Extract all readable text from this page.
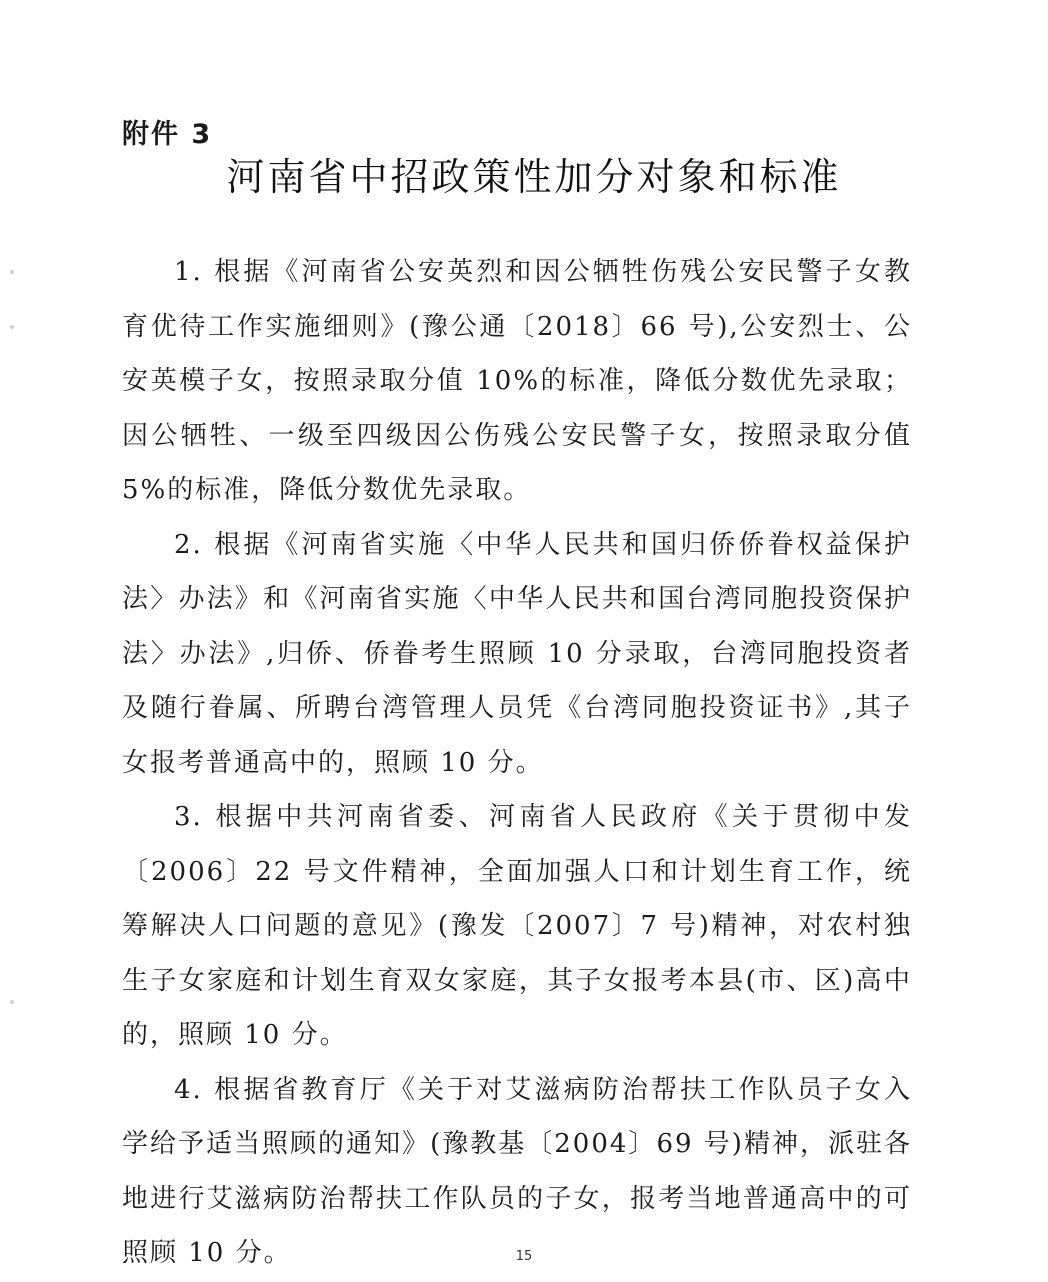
附件 3
河南省中招政策性加分对象和标准

1. 根据《河南省公安英烈和因公牺牲伤残公安民警子女教育优待工作实施细则》(豫公通〔2018〕66 号),公安烈士、公安英模子女，按照录取分值 10%的标准，降低分数优先录取；因公牺牲、一级至四级因公伤残公安民警子女，按照录取分值 5%的标准，降低分数优先录取。

2. 根据《河南省实施〈中华人民共和国归侨侨眷权益保护法〉办法》和《河南省实施〈中华人民共和国台湾同胞投资保护法〉办法》,归侨、侨眷考生照顾 10 分录取，台湾同胞投资者及随行眷属、所聘台湾管理人员凭《台湾同胞投资证书》,其子女报考普通高中的，照顾 10 分。

3. 根据中共河南省委、河南省人民政府《关于贯彻中发〔2006〕22 号文件精神，全面加强人口和计划生育工作，统筹解决人口问题的意见》(豫发〔2007〕7 号)精神，对农村独生子女家庭和计划生育双女家庭，其子女报考本县(市、区)高中的，照顾 10 分。

4. 根据省教育厅《关于对艾滋病防治帮扶工作队员子女入学给予适当照顾的通知》(豫教基〔2004〕69 号)精神，派驻各地进行艾滋病防治帮扶工作队员的子女，报考当地普通高中的可照顾 10 分。	15
